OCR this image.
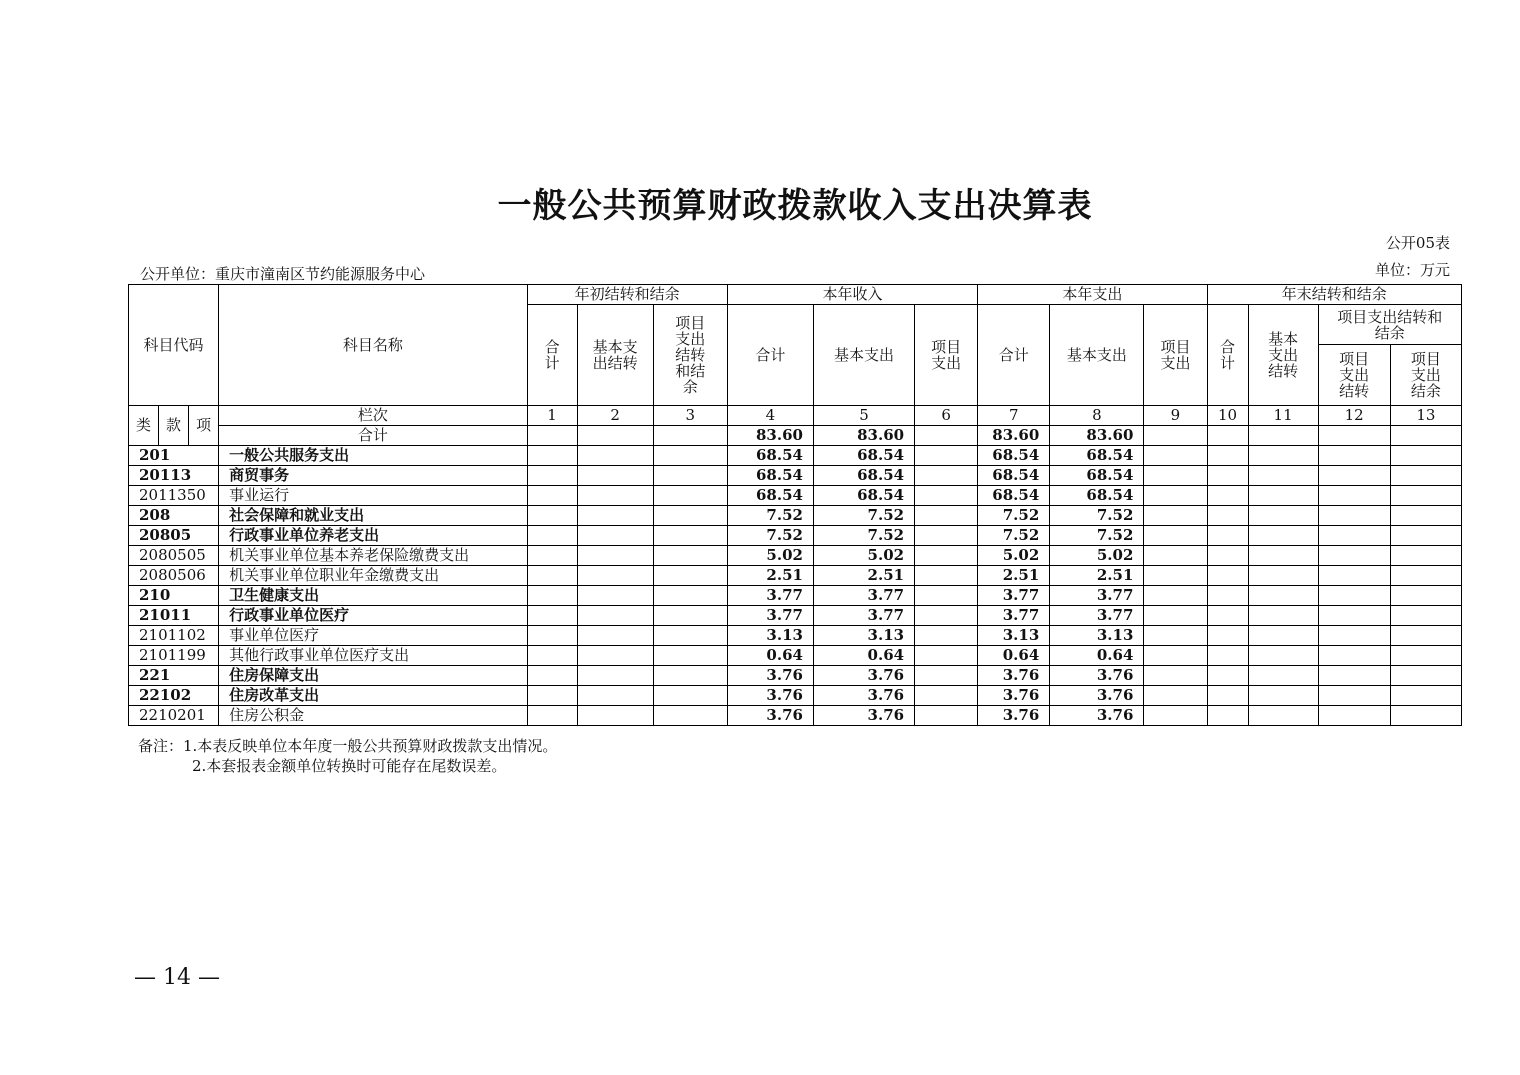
一般公共预算财政拨款收入支出决算表
公开05表
单位：万元
公开单位：重庆市潼南区节约能源服务中心
科目代码			科目名称	年初结转和结余			本年收入			本年支出			年末结转和结余			
				合计	基本支出结转	项目支出结转和结余	合计	基本支出	项目支出	合计	基本支出	项目支出	合计	基本支出结转	项目支出结转和结余	
															项目支出结转	项目支出结余
类	款	项	栏次	1	2	3	4	5	6	7	8	9	10	11	12	13
			合计				83.60	83.60		83.60	83.60					
201			一般公共服务支出				68.54	68.54		68.54	68.54					
20113			商贸事务				68.54	68.54		68.54	68.54					
2011350			事业运行				68.54	68.54		68.54	68.54					
208			社会保障和就业支出				7.52	7.52		7.52	7.52					
20805			行政事业单位养老支出				7.52	7.52		7.52	7.52					
2080505			机关事业单位基本养老保险缴费支出				5.02	5.02		5.02	5.02					
2080506			机关事业单位职业年金缴费支出				2.51	2.51		2.51	2.51					
210			卫生健康支出				3.77	3.77		3.77	3.77					
21011			行政事业单位医疗				3.77	3.77		3.77	3.77					
2101102			事业单位医疗				3.13	3.13		3.13	3.13					
2101199			其他行政事业单位医疗支出				0.64	0.64		0.64	0.64					
221			住房保障支出				3.76	3.76		3.76	3.76					
22102			住房改革支出				3.76	3.76		3.76	3.76					
2210201			住房公积金				3.76	3.76		3.76	3.76					
备注：1.本表反映单位本年度一般公共预算财政拨款支出情况。
2.本套报表金额单位转换时可能存在尾数误差。
— 14 —
